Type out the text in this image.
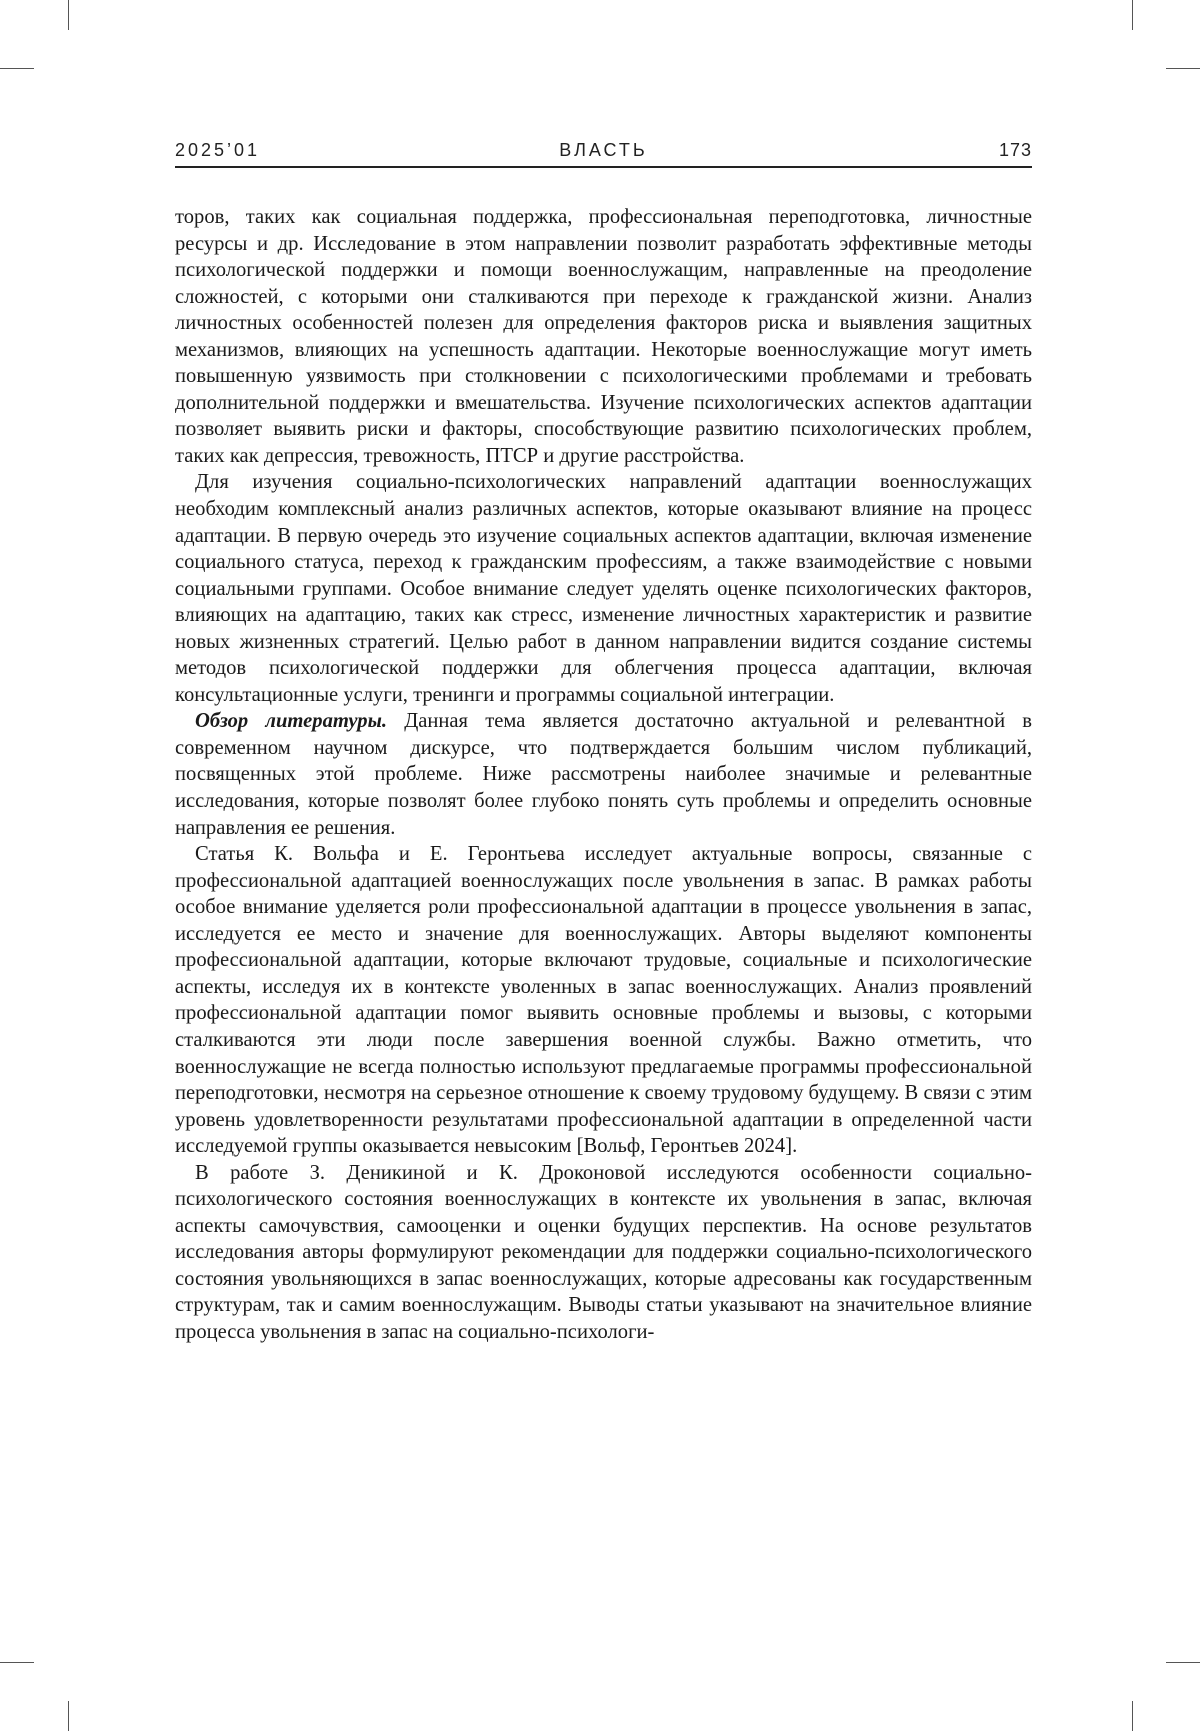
ВЛАСТЬ
2025’01	173

торов, таких как социальная поддержка, профессиональная переподготовка, личностные ресурсы и др. Исследование в этом направлении позволит разработать эффективные методы психологической поддержки и помощи военнослужащим, направленные на преодоление сложностей, с которыми они сталкиваются при переходе к гражданской жизни. Анализ личностных особенностей полезен для определения факторов риска и выявления защитных механизмов, влияющих на успешность адаптации. Некоторые военнослужащие могут иметь повышенную уязвимость при столкновении с психологическими проблемами и требовать дополнительной поддержки и вмешательства. Изучение психологических аспектов адаптации позволяет выявить риски и факторы, способствующие развитию психологических проблем, таких как депрессия, тревожность, ПТСР и другие расстройства.

Для изучения социально-психологических направлений адаптации военнослужащих необходим комплексный анализ различных аспектов, которые оказывают влияние на процесс адаптации. В первую очередь это изучение социальных аспектов адаптации, включая изменение социального статуса, переход к гражданским профессиям, а также взаимодействие с новыми социальными группами. Особое внимание следует уделять оценке психологических факторов, влияющих на адаптацию, таких как стресс, изменение личностных характеристик и развитие новых жизненных стратегий. Целью работ в данном направлении видится создание системы методов психологической поддержки для облегчения процесса адаптации, включая консультационные услуги, тренинги и программы социальной интеграции.

Обзор литературы. Данная тема является достаточно актуальной и релевантной в современном научном дискурсе, что подтверждается большим числом публикаций, посвященных этой проблеме. Ниже рассмотрены наиболее значимые и релевантные исследования, которые позволят более глубоко понять суть проблемы и определить основные направления ее решения.

Статья К. Вольфа и Е. Геронтьева исследует актуальные вопросы, связанные с профессиональной адаптацией военнослужащих после увольнения в запас. В рамках работы особое внимание уделяется роли профессиональной адаптации в процессе увольнения в запас, исследуется ее место и значение для военнослужащих. Авторы выделяют компоненты профессиональной адаптации, которые включают трудовые, социальные и психологические аспекты, исследуя их в контексте уволенных в запас военнослужащих. Анализ проявлений профессиональной адаптации помог выявить основные проблемы и вызовы, с которыми сталкиваются эти люди после завершения военной службы. Важно отметить, что военнослужащие не всегда полностью используют предлагаемые программы профессиональной переподготовки, несмотря на серьезное отношение к своему трудовому будущему. В связи с этим уровень удовлетворенности результатами профессиональной адаптации в определенной части исследуемой группы оказывается невысоким [Вольф, Геронтьев 2024].

В работе З. Деникиной и К. Дроконовой исследуются особенности социально-психологического состояния военнослужащих в контексте их увольнения в запас, включая аспекты самочувствия, самооценки и оценки будущих перспектив. На основе результатов исследования авторы формулируют рекомендации для поддержки социально-психологического состояния увольняющихся в запас военнослужащих, которые адресованы как государственным структурам, так и самим военнослужащим. Выводы статьи указывают на значительное влияние процесса увольнения в запас на социально-психологи-
